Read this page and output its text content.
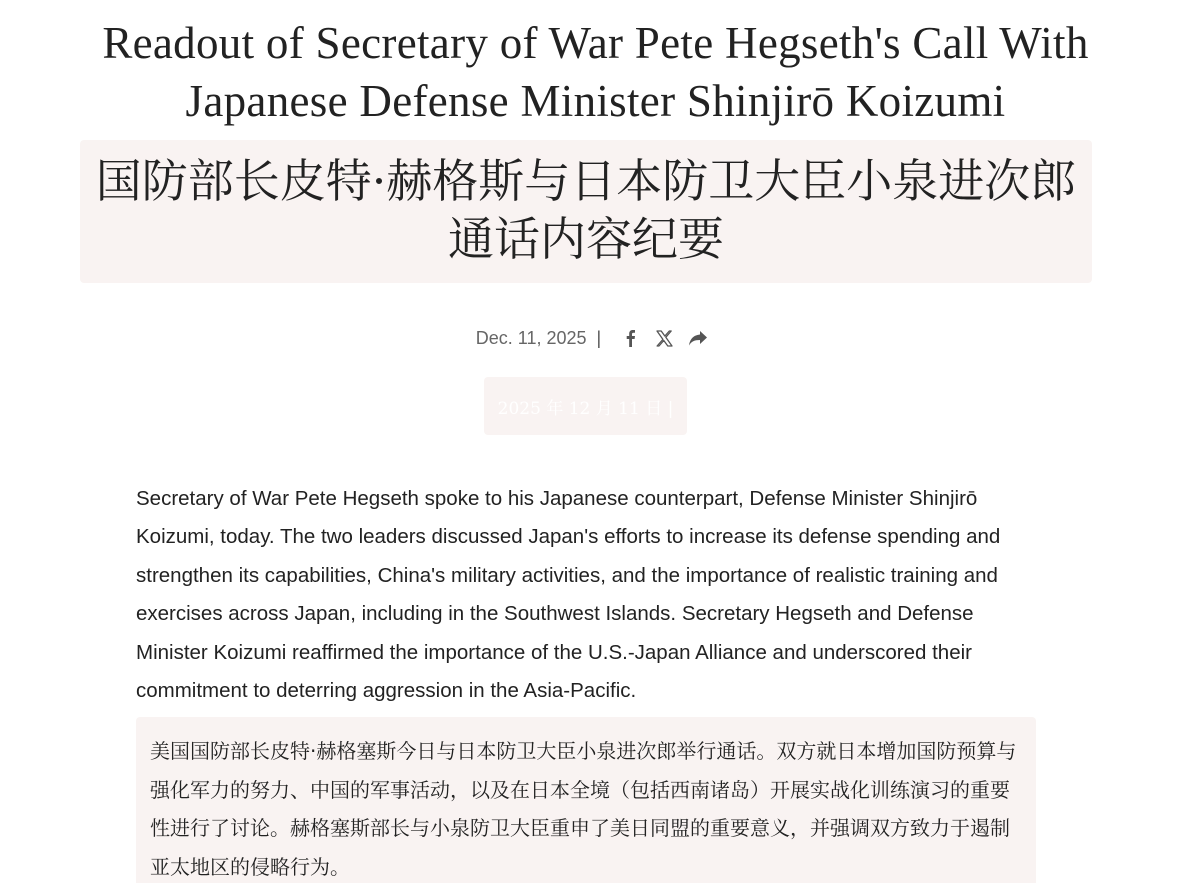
Readout of Secretary of War Pete Hegseth's Call With Japanese Defense Minister Shinjirō Koizumi
国防部长皮特·赫格斯与日本防卫大臣小泉进次郎通话内容纪要
Dec. 11, 2025 |
2025 年 12 月 11 日 |

Secretary of War Pete Hegseth spoke to his Japanese counterpart, Defense Minister Shinjirō Koizumi, today. The two leaders discussed Japan's efforts to increase its defense spending and strengthen its capabilities, China's military activities, and the importance of realistic training and exercises across Japan, including in the Southwest Islands. Secretary Hegseth and Defense Minister Koizumi reaffirmed the importance of the U.S.-Japan Alliance and underscored their commitment to deterring aggression in the Asia-Pacific.

美国国防部长皮特·赫格塞斯今日与日本防卫大臣小泉进次郎举行通话。双方就日本增加国防预算与强化军力的努力、中国的军事活动，以及在日本全境（包括西南诸岛）开展实战化训练演习的重要性进行了讨论。赫格塞斯部长与小泉防卫大臣重申了美日同盟的重要意义，并强调双方致力于遏制亚太地区的侵略行为。
